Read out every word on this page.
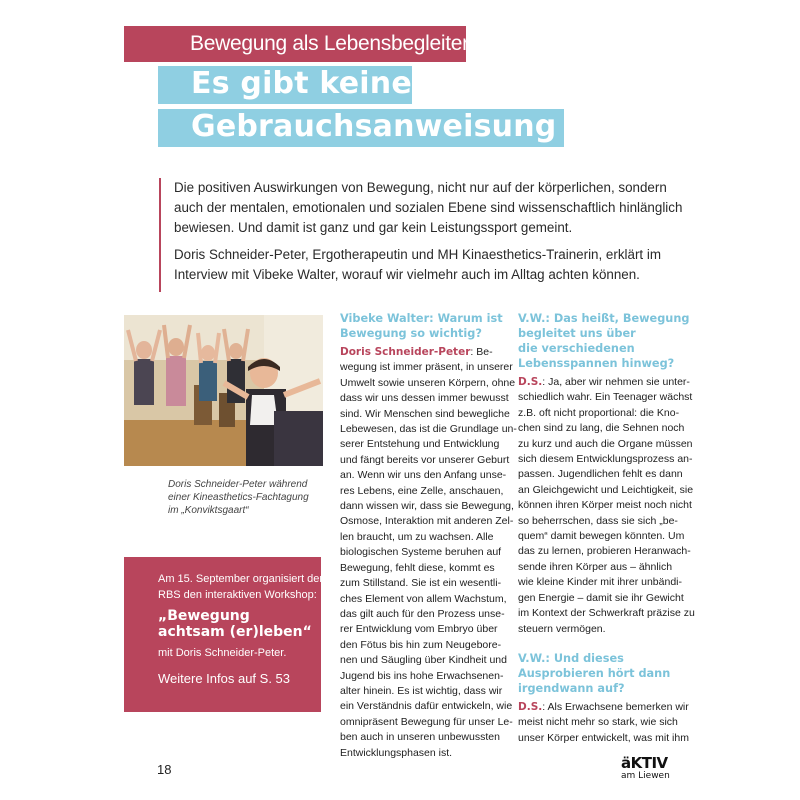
Bewegung als Lebensbegleiter
Es gibt keine
Gebrauchsanweisung

Die positiven Auswirkungen von Bewegung, nicht nur auf der körperlichen, sondern auch der mentalen, emotionalen und sozialen Ebene sind wissenschaftlich hinlänglich bewiesen. Und damit ist ganz und gar kein Leistungssport gemeint.

Doris Schneider-Peter, Ergotherapeutin und MH Kinaesthetics-Trainerin, erklärt im Interview mit Vibeke Walter, worauf wir vielmehr auch im Alltag achten können.

Doris Schneider-Peter während
einer Kineasthetics-Fachtagung
im „Konviktsgaart“
Am 15. September organisiert der
RBS den interaktiven Workshop:
„Bewegung
achtsam (er)leben“
mit Doris Schneider-Peter.
Weitere Infos auf S. 53
Vibeke Walter: Warum ist
Bewegung so wichtig?
Doris Schneider-Peter: Be-
wegung ist immer präsent, in unserer
Umwelt sowie unseren Körpern, ohne
dass wir uns dessen immer bewusst
sind. Wir Menschen sind bewegliche
Lebewesen, das ist die Grundlage un-
serer Entstehung und Entwicklung
und fängt bereits vor unserer Geburt
an. Wenn wir uns den Anfang unse-
res Lebens, eine Zelle, anschauen,
dann wissen wir, dass sie Bewegung,
Osmose, Interaktion mit anderen Zel-
len braucht, um zu wachsen. Alle
biologischen Systeme beruhen auf
Bewegung, fehlt diese, kommt es
zum Stillstand. Sie ist ein wesentli-
ches Element von allem Wachstum,
das gilt auch für den Prozess unse-
rer Entwicklung vom Embryo über
den Fötus bis hin zum Neugebore-
nen und Säugling über Kindheit und
Jugend bis ins hohe Erwachsenen-
alter hinein. Es ist wichtig, dass wir
ein Verständnis dafür entwickeln, wie
omnipräsent Bewegung für unser Le-
ben auch in unseren unbewussten
Entwicklungsphasen ist.
V.W.: Das heißt, Bewegung
begleitet uns über
die verschiedenen
Lebensspannen hinweg?
D.S.: Ja, aber wir nehmen sie unter-
schiedlich wahr. Ein Teenager wächst
z.B. oft nicht proportional: die Kno-
chen sind zu lang, die Sehnen noch
zu kurz und auch die Organe müssen
sich diesem Entwicklungsprozess an-
passen. Jugendlichen fehlt es dann
an Gleichgewicht und Leichtigkeit, sie
können ihren Körper meist noch nicht
so beherrschen, dass sie sich „be-
quem“ damit bewegen könnten. Um
das zu lernen, probieren Heranwach-
sende ihren Körper aus – ähnlich
wie kleine Kinder mit ihrer unbändi-
gen Energie – damit sie ihr Gewicht
im Kontext der Schwerkraft präzise zu
steuern vermögen.
V.W.: Und dieses
Ausprobieren hört dann
irgendwann auf?
D.S.: Als Erwachsene bemerken wir
meist nicht mehr so stark, wie sich
unser Körper entwickelt, was mit ihm
18	äKTIV
am Liewen
